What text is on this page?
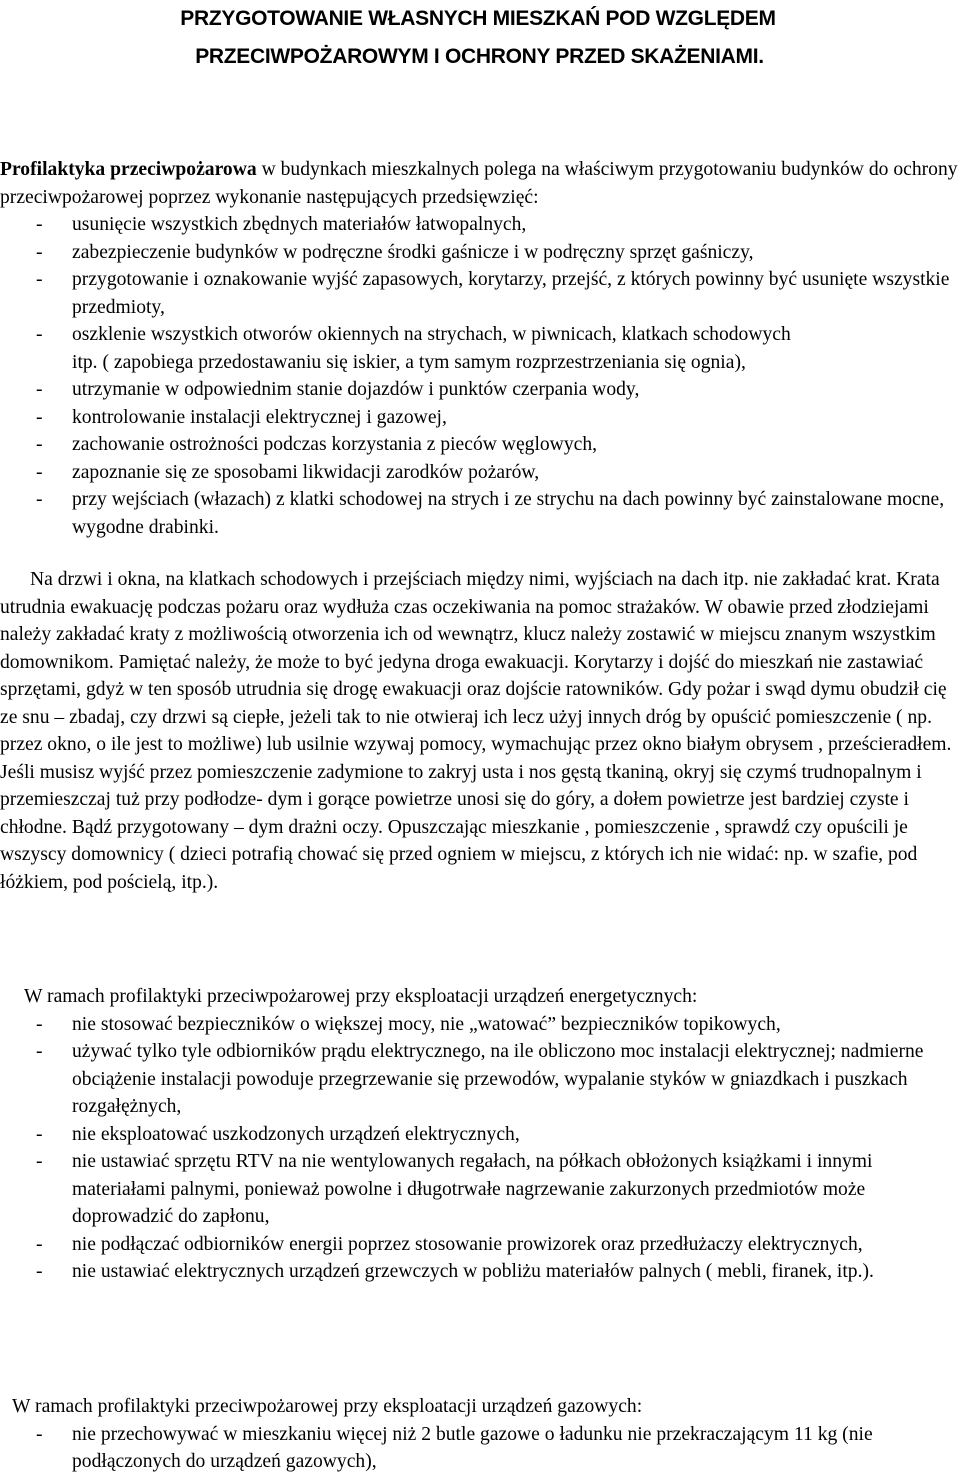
PRZYGOTOWANIE WŁASNYCH MIESZKAŃ POD WZGLĘDEM
PRZECIWPOŻAROWYM I OCHRONY PRZED SKAŻENIAMI.

Profilaktyka przeciwpożarowa w budynkach mieszkalnych polega na właściwym przygotowaniu budynków do ochrony przeciwpożarowej poprzez wykonanie następujących przedsięwzięć:

- usunięcie wszystkich zbędnych materiałów łatwopalnych,
- zabezpieczenie budynków w podręczne środki gaśnicze i w podręczny sprzęt gaśniczy,
- przygotowanie i oznakowanie wyjść zapasowych, korytarzy, przejść, z których powinny być usunięte wszystkie przedmioty,
- oszklenie wszystkich otworów okiennych na strychach, w piwnicach, klatkach schodowych

itp. ( zapobiega przedostawaniu się iskier, a tym samym rozprzestrzeniania się ognia),

- utrzymanie w odpowiednim stanie dojazdów i punktów czerpania wody,
- kontrolowanie instalacji elektrycznej i gazowej,
- zachowanie ostrożności podczas korzystania z pieców węglowych,
- zapoznanie się ze sposobami likwidacji zarodków pożarów,
- przy wejściach (włazach) z klatki schodowej na strych i ze strychu na dach powinny być zainstalowane mocne, wygodne drabinki.

Na drzwi i okna, na klatkach schodowych i przejściach między nimi, wyjściach na dach itp. nie zakładać krat. Krata utrudnia ewakuację podczas pożaru oraz wydłuża czas oczekiwania na pomoc strażaków. W obawie przed złodziejami należy zakładać kraty z możliwością otworzenia ich od wewnątrz, klucz należy zostawić w miejscu znanym wszystkim domownikom. Pamiętać należy, że może to być jedyna droga ewakuacji. Korytarzy i dojść do mieszkań nie zastawiać sprzętami, gdyż w ten sposób utrudnia się drogę ewakuacji oraz dojście ratowników. Gdy pożar i swąd dymu obudził cię ze snu – zbadaj, czy drzwi są ciepłe, jeżeli tak to nie otwieraj ich lecz użyj innych dróg by opuścić pomieszczenie ( np. przez okno, o ile jest to możliwe) lub usilnie wzywaj pomocy, wymachując przez okno białym obrysem , prześcieradłem. Jeśli musisz wyjść przez pomieszczenie zadymione to zakryj usta i nos gęstą tkaniną, okryj się czymś trudnopalnym i przemieszczaj tuż przy podłodze- dym i gorące powietrze unosi się do góry, a dołem powietrze jest bardziej czyste i chłodne. Bądź przygotowany – dym drażni oczy. Opuszczając mieszkanie , pomieszczenie , sprawdź czy opuścili je wszyscy domownicy ( dzieci potrafią chować się przed ogniem w miejscu, z których ich nie widać: np. w szafie, pod łóżkiem, pod pościelą, itp.).

W ramach profilaktyki przeciwpożarowej przy eksploatacji urządzeń energetycznych:

- nie stosować bezpieczników o większej mocy, nie „watować” bezpieczników topikowych,
- używać tylko tyle odbiorników prądu elektrycznego, na ile obliczono moc instalacji elektrycznej; nadmierne obciążenie instalacji powoduje przegrzewanie się przewodów, wypalanie styków w gniazdkach i puszkach rozgałężnych,
- nie eksploatować uszkodzonych urządzeń elektrycznych,
- nie ustawiać sprzętu RTV na nie wentylowanych regałach, na półkach obłożonych książkami i innymi materiałami palnymi, ponieważ powolne i długotrwałe nagrzewanie zakurzonych przedmiotów może doprowadzić do zapłonu,
- nie podłączać odbiorników energii poprzez stosowanie prowizorek oraz przedłużaczy elektrycznych,
- nie ustawiać elektrycznych urządzeń grzewczych w pobliżu materiałów palnych ( mebli, firanek, itp.).

W ramach profilaktyki przeciwpożarowej przy eksploatacji urządzeń gazowych:

- nie przechowywać w mieszkaniu więcej niż 2 butle gazowe o ładunku nie przekraczającym 11 kg (nie podłączonych do urządzeń gazowych),
